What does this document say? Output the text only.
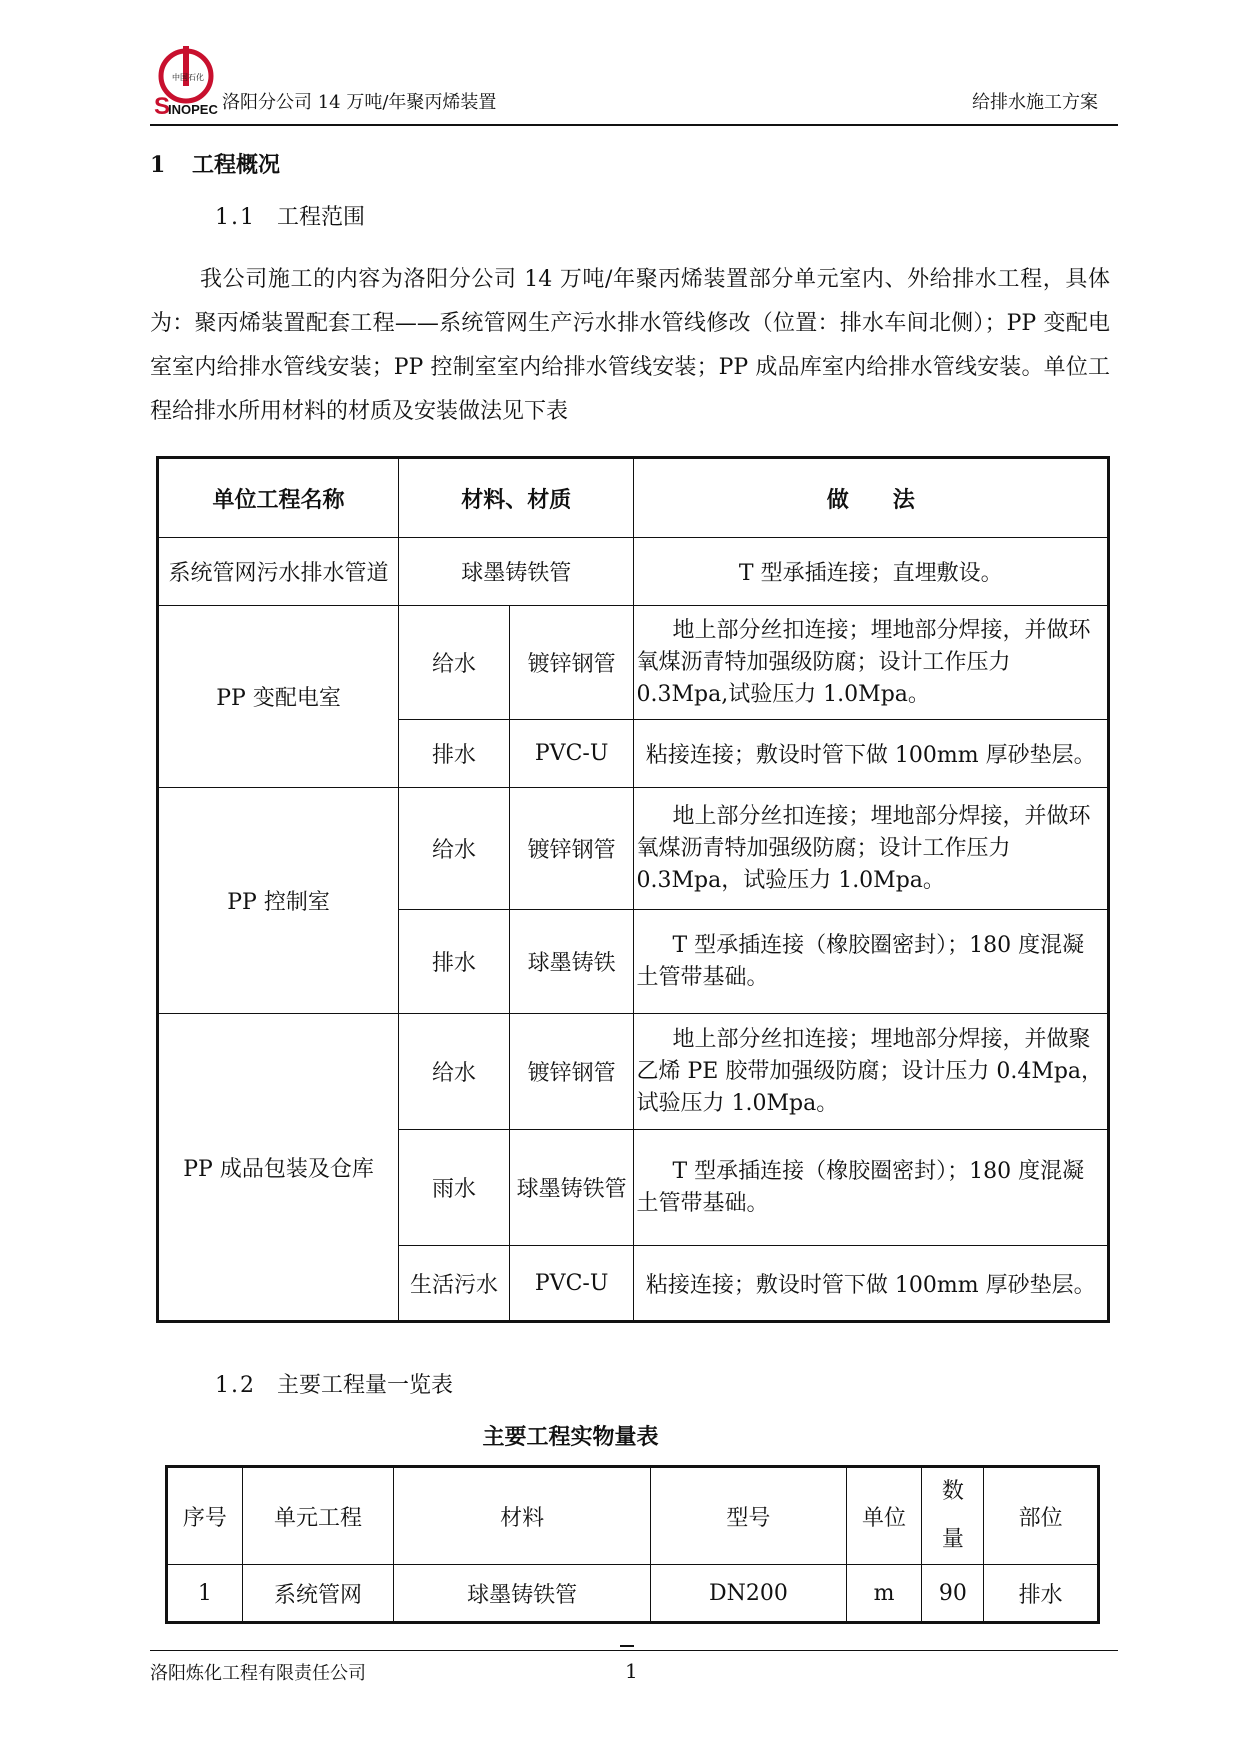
S
INOPEC
中国石化
洛阳分公司 14 万吨/年聚丙烯装置	给排水施工方案
1 工程概况
1.1 工程范围
我公司施工的内容为洛阳分公司 14 万吨/年聚丙烯装置部分单元室内、外给排水工程，具体为：聚丙烯装置配套工程——系统管网生产污水排水管线修改（位置：排水车间北侧）；PP 变配电室室内给排水管线安装；PP 控制室室内给排水管线安装；PP 成品库室内给排水管线安装。单位工程给排水所用材料的材质及安装做法见下表
单位工程名称	材料、材质		做　　法
系统管网污水排水管道	球墨铸铁管		T 型承插连接；直埋敷设。
PP 变配电室	给水	镀锌钢管	地上部分丝扣连接；埋地部分焊接，并做环氧煤沥青特加强级防腐；设计工作压力 0.3Mpa,试验压力 1.0Mpa。
	排水	PVC-U	粘接连接；敷设时管下做 100mm 厚砂垫层。
PP 控制室	给水	镀锌钢管	地上部分丝扣连接；埋地部分焊接，并做环氧煤沥青特加强级防腐；设计工作压力 0.3Mpa，试验压力 1.0Mpa。
	排水	球墨铸铁	T 型承插连接（橡胶圈密封）；180 度混凝土管带基础。
PP 成品包装及仓库	给水	镀锌钢管	地上部分丝扣连接；埋地部分焊接，并做聚乙烯 PE 胶带加强级防腐；设计压力 0.4Mpa，试验压力 1.0Mpa。
	雨水	球墨铸铁管	T 型承插连接（橡胶圈密封）；180 度混凝土管带基础。
	生活污水	PVC-U	粘接连接；敷设时管下做 100mm 厚砂垫层。
1.2 主要工程量一览表
主要工程实物量表
序号	单元工程	材料	型号	单位	数量	部位
1	系统管网	球墨铸铁管	DN200	m	90	排水
洛阳炼化工程有限责任公司	1
